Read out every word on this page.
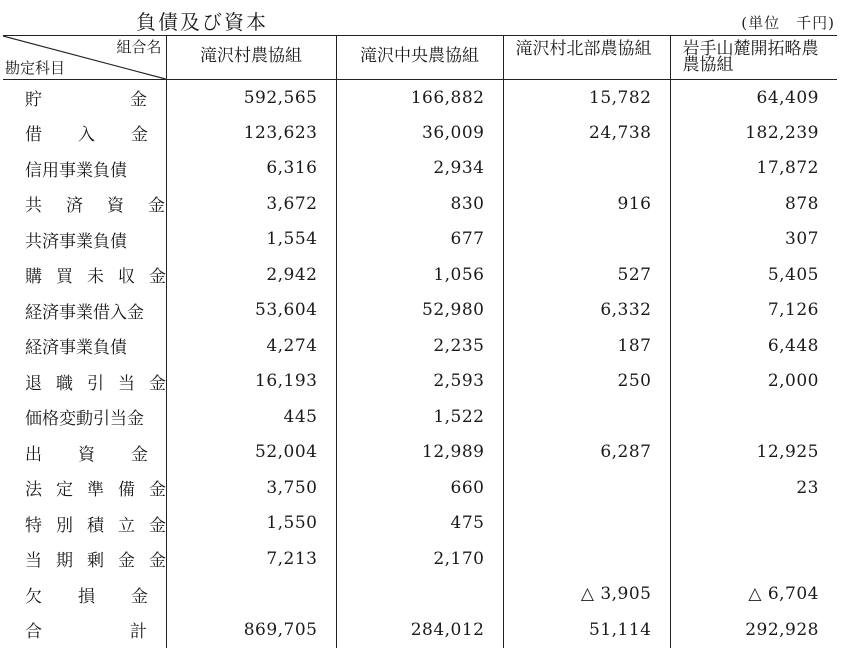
負債及び資本	(単位　千円)
組合名
勘定科目	滝沢村農協組	滝沢中央農協組	滝沢村北部農協組	岩手山麓開拓略農農協組
貯金	592,565	166,882	15,782	64,409
借入金	123,623	36,009	24,738	182,239
信用事業負債	6,316	2,934		17,872
共済資金	3,672	830	916	878
共済事業負債	1,554	677		307
購買未収金	2,942	1,056	527	5,405
経済事業借入金	53,604	52,980	6,332	7,126
経済事業負債	4,274	2,235	187	6,448
退職引当金	16,193	2,593	250	2,000
価格変動引当金	445	1,522		
出資金	52,004	12,989	6,287	12,925
法定準備金	3,750	660		23
特別積立金	1,550	475		
当期剰金金	7,213	2,170		
欠損金			△ 3,905	△ 6,704
合計	869,705	284,012	51,114	292,928
